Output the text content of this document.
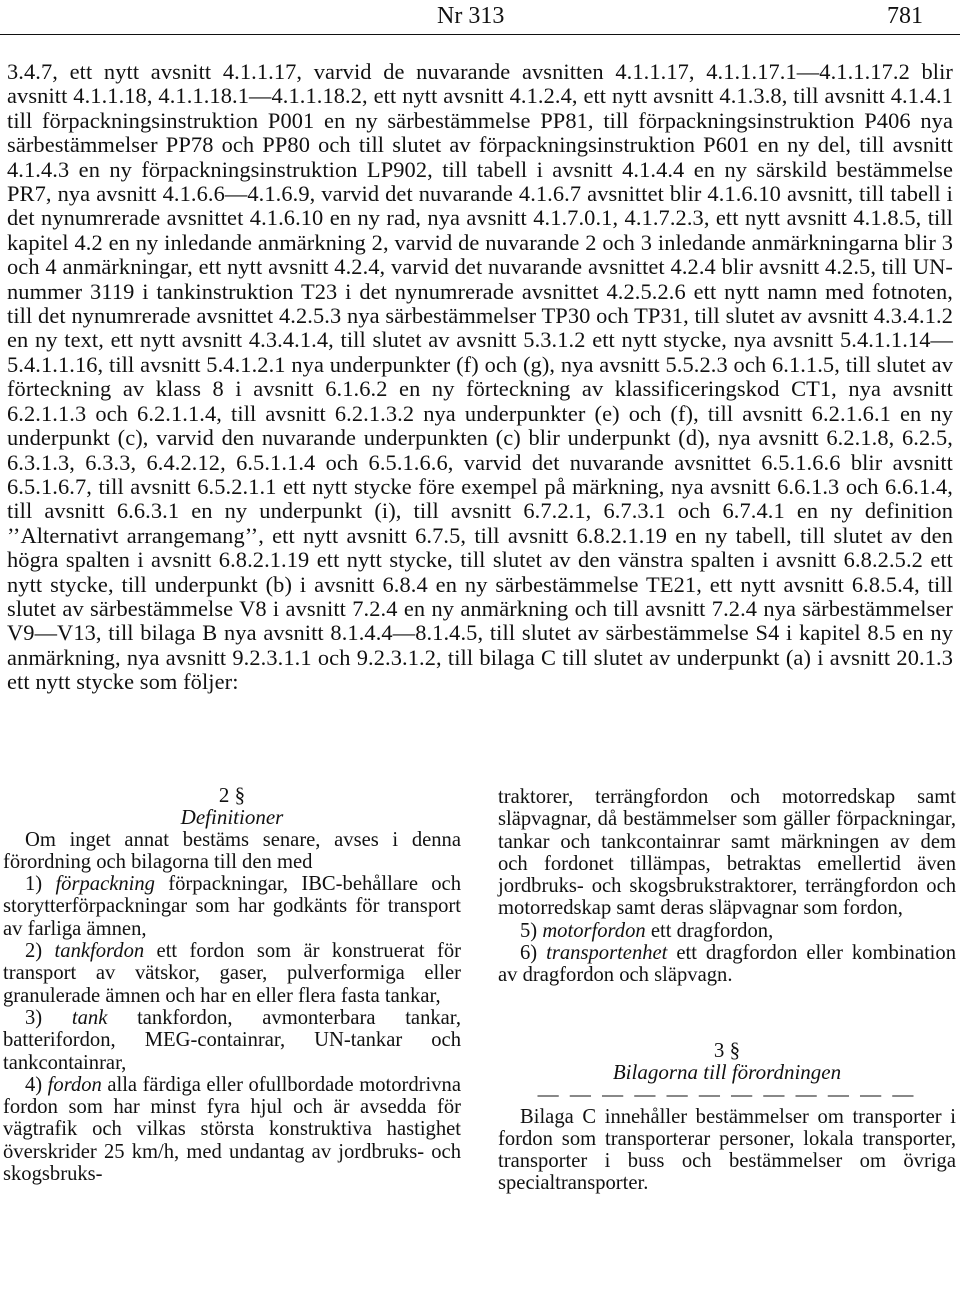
Nr 313	781
3.4.7, ett nytt avsnitt 4.1.1.17, varvid de nuvarande avsnitten 4.1.1.17, 4.1.1.17.1—4.1.1.17.2 blir avsnitt 4.1.1.18, 4.1.1.18.1—4.1.1.18.2, ett nytt avsnitt 4.1.2.4, ett nytt avsnitt 4.1.3.8, till avsnitt 4.1.4.1 till förpackningsinstruktion P001 en ny särbestämmelse PP81, till förpackningsinstruktion P406 nya särbestämmelser PP78 och PP80 och till slutet av förpackningsinstruktion P601 en ny del, till avsnitt 4.1.4.3 en ny förpackningsinstruktion LP902, till tabell i avsnitt 4.1.4.4 en ny särskild bestämmelse PR7, nya avsnitt 4.1.6.6—4.1.6.9, varvid det nuvarande 4.1.6.7 avsnittet blir 4.1.6.10 avsnitt, till tabell i det nynumrerade avsnittet 4.1.6.10 en ny rad, nya avsnitt 4.1.7.0.1, 4.1.7.2.3, ett nytt avsnitt 4.1.8.5, till kapitel 4.2 en ny inledande anmärkning 2, varvid de nuvarande 2 och 3 inledande anmärkningarna blir 3 och 4 anmärkningar, ett nytt avsnitt 4.2.4, varvid det nuvarande avsnittet 4.2.4 blir avsnitt 4.2.5, till UN-nummer 3119 i tankinstruktion T23 i det nynumrerade avsnittet 4.2.5.2.6 ett nytt namn med fotnoten, till det nynumrerade avsnittet 4.2.5.3 nya särbestämmelser TP30 och TP31, till slutet av avsnitt 4.3.4.1.2 en ny text, ett nytt avsnitt 4.3.4.1.4, till slutet av avsnitt 5.3.1.2 ett nytt stycke, nya avsnitt 5.4.1.1.14—5.4.1.1.16, till avsnitt 5.4.1.2.1 nya underpunkter (f) och (g), nya avsnitt 5.5.2.3 och 6.1.1.5, till slutet av förteckning av klass 8 i avsnitt 6.1.6.2 en ny förteckning av klassificeringskod CT1, nya avsnitt 6.2.1.1.3 och 6.2.1.1.4, till avsnitt 6.2.1.3.2 nya underpunkter (e) och (f), till avsnitt 6.2.1.6.1 en ny underpunkt (c), varvid den nuvarande underpunkten (c) blir underpunkt (d), nya avsnitt 6.2.1.8, 6.2.5, 6.3.1.3, 6.3.3, 6.4.2.12, 6.5.1.1.4 och 6.5.1.6.6, varvid det nuvarande avsnittet 6.5.1.6.6 blir avsnitt 6.5.1.6.7, till avsnitt 6.5.2.1.1 ett nytt stycke före exempel på märkning, nya avsnitt 6.6.1.3 och 6.6.1.4, till avsnitt 6.6.3.1 en ny underpunkt (i), till avsnitt 6.7.2.1, 6.7.3.1 och 6.7.4.1 en ny definition ’’Alternativt arrangemang’’, ett nytt avsnitt 6.7.5, till avsnitt 6.8.2.1.19 en ny tabell, till slutet av den högra spalten i avsnitt 6.8.2.1.19 ett nytt stycke, till slutet av den vänstra spalten i avsnitt 6.8.2.5.2 ett nytt stycke, till underpunkt (b) i avsnitt 6.8.4 en ny särbestämmelse TE21, ett nytt avsnitt 6.8.5.4, till slutet av särbestämmelse V8 i avsnitt 7.2.4 en ny anmärkning och till avsnitt 7.2.4 nya särbestämmelser V9—V13, till bilaga B nya avsnitt 8.1.4.4—8.1.4.5, till slutet av särbestämmelse S4 i kapitel 8.5 en ny anmärkning, nya avsnitt 9.2.3.1.1 och 9.2.3.1.2, till bilaga C till slutet av underpunkt (a) i avsnitt 20.1.3 ett nytt stycke som följer:

2 §

Definitioner

Om inget annat bestäms senare, avses i denna förordning och bilagorna till den med

1) förpackning förpackningar, IBC-behållare och storytterförpackningar som har godkänts för transport av farliga ämnen,

2) tankfordon ett fordon som är konstruerat för transport av vätskor, gaser, pulverformiga eller granulerade ämnen och har en eller flera fasta tankar,

3) tank tankfordon, avmonterbara tankar, batterifordon, MEG-containrar, UN-tankar och tankcontainrar,

4) fordon alla färdiga eller ofullbordade motordrivna fordon som har minst fyra hjul och är avsedda för vägtrafik och vilkas största konstruktiva hastighet överskrider 25 km/h, med undantag av jordbruks- och skogsbruks-

traktorer, terrängfordon och motorredskap samt släpvagnar, då bestämmelser som gäller förpackningar, tankar och tankcontainrar samt märkningen av dem och fordonet tillämpas, betraktas emellertid även jordbruks- och skogsbrukstraktorer, terrängfordon och motorredskap samt deras släpvagnar som fordon,

5) motorfordon ett dragfordon,

6) transportenhet ett dragfordon eller kombination av dragfordon och släpvagn.

3 §

Bilagorna till förordningen

— — — — — — — — — — — —

Bilaga C innehåller bestämmelser om transporter i fordon som transporterar personer, lokala transporter, transporter i buss och bestämmelser om övriga specialtransporter.
